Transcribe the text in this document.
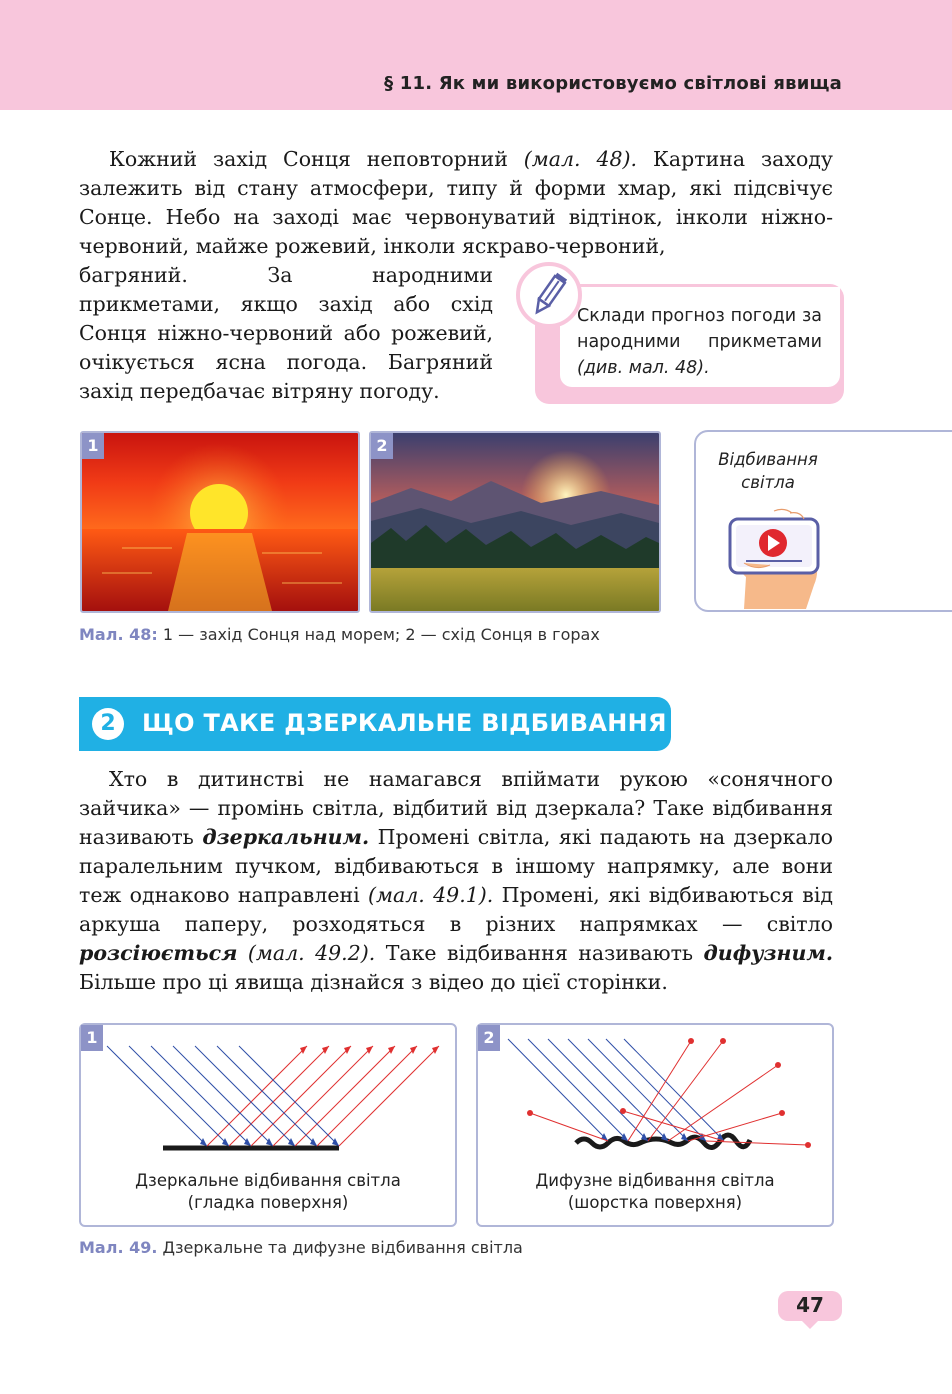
§ 11. Як ми використовуємо світлові явища

Кожний захід Сонця неповторний (мал. 48). Картина заходу залежить від стану атмосфери, типу й форми хмар, які підсвічує Сонце. Небо на заході має червонуватий відтінок, інколи ніжно-червоний, майже рожевий, інколи яскраво-червоний,

багряний. За народними прикметами, якщо захід або схід Сонця ніжно-червоний або рожевий, очікується ясна погода. Багряний захід передбачає вітряну погоду.

Склади прогноз погоди за народними прикметами (див. мал. 48).
1	2
Мал. 48: 1 — захід Сонця над морем; 2 — схід Сонця в горах
Відбивання світла
2	ЩО ТАКЕ ДЗЕРКАЛЬНЕ ВІДБИВАННЯ

Хто в дитинстві не намагався впіймати рукою «сонячного зайчика» — промінь світла, відбитий від дзеркала? Таке відбивання називають дзеркальним. Промені світла, які падають на дзеркало паралельним пучком, відбиваються в іншому напрямку, але вони теж однаково направлені (мал. 49.1). Промені, які відбиваються від аркуша паперу, розходяться в різних напрямках — світло розсіюється (мал. 49.2). Таке відбивання називають дифузним. Більше про ці явища дізнайся з відео до цієї сторінки.

1
Дзеркальне відбивання світла
(гладка поверхня)
2
Дифузне відбивання світла
(шорстка поверхня)
Мал. 49. Дзеркальне та дифузне відбивання світла
47
